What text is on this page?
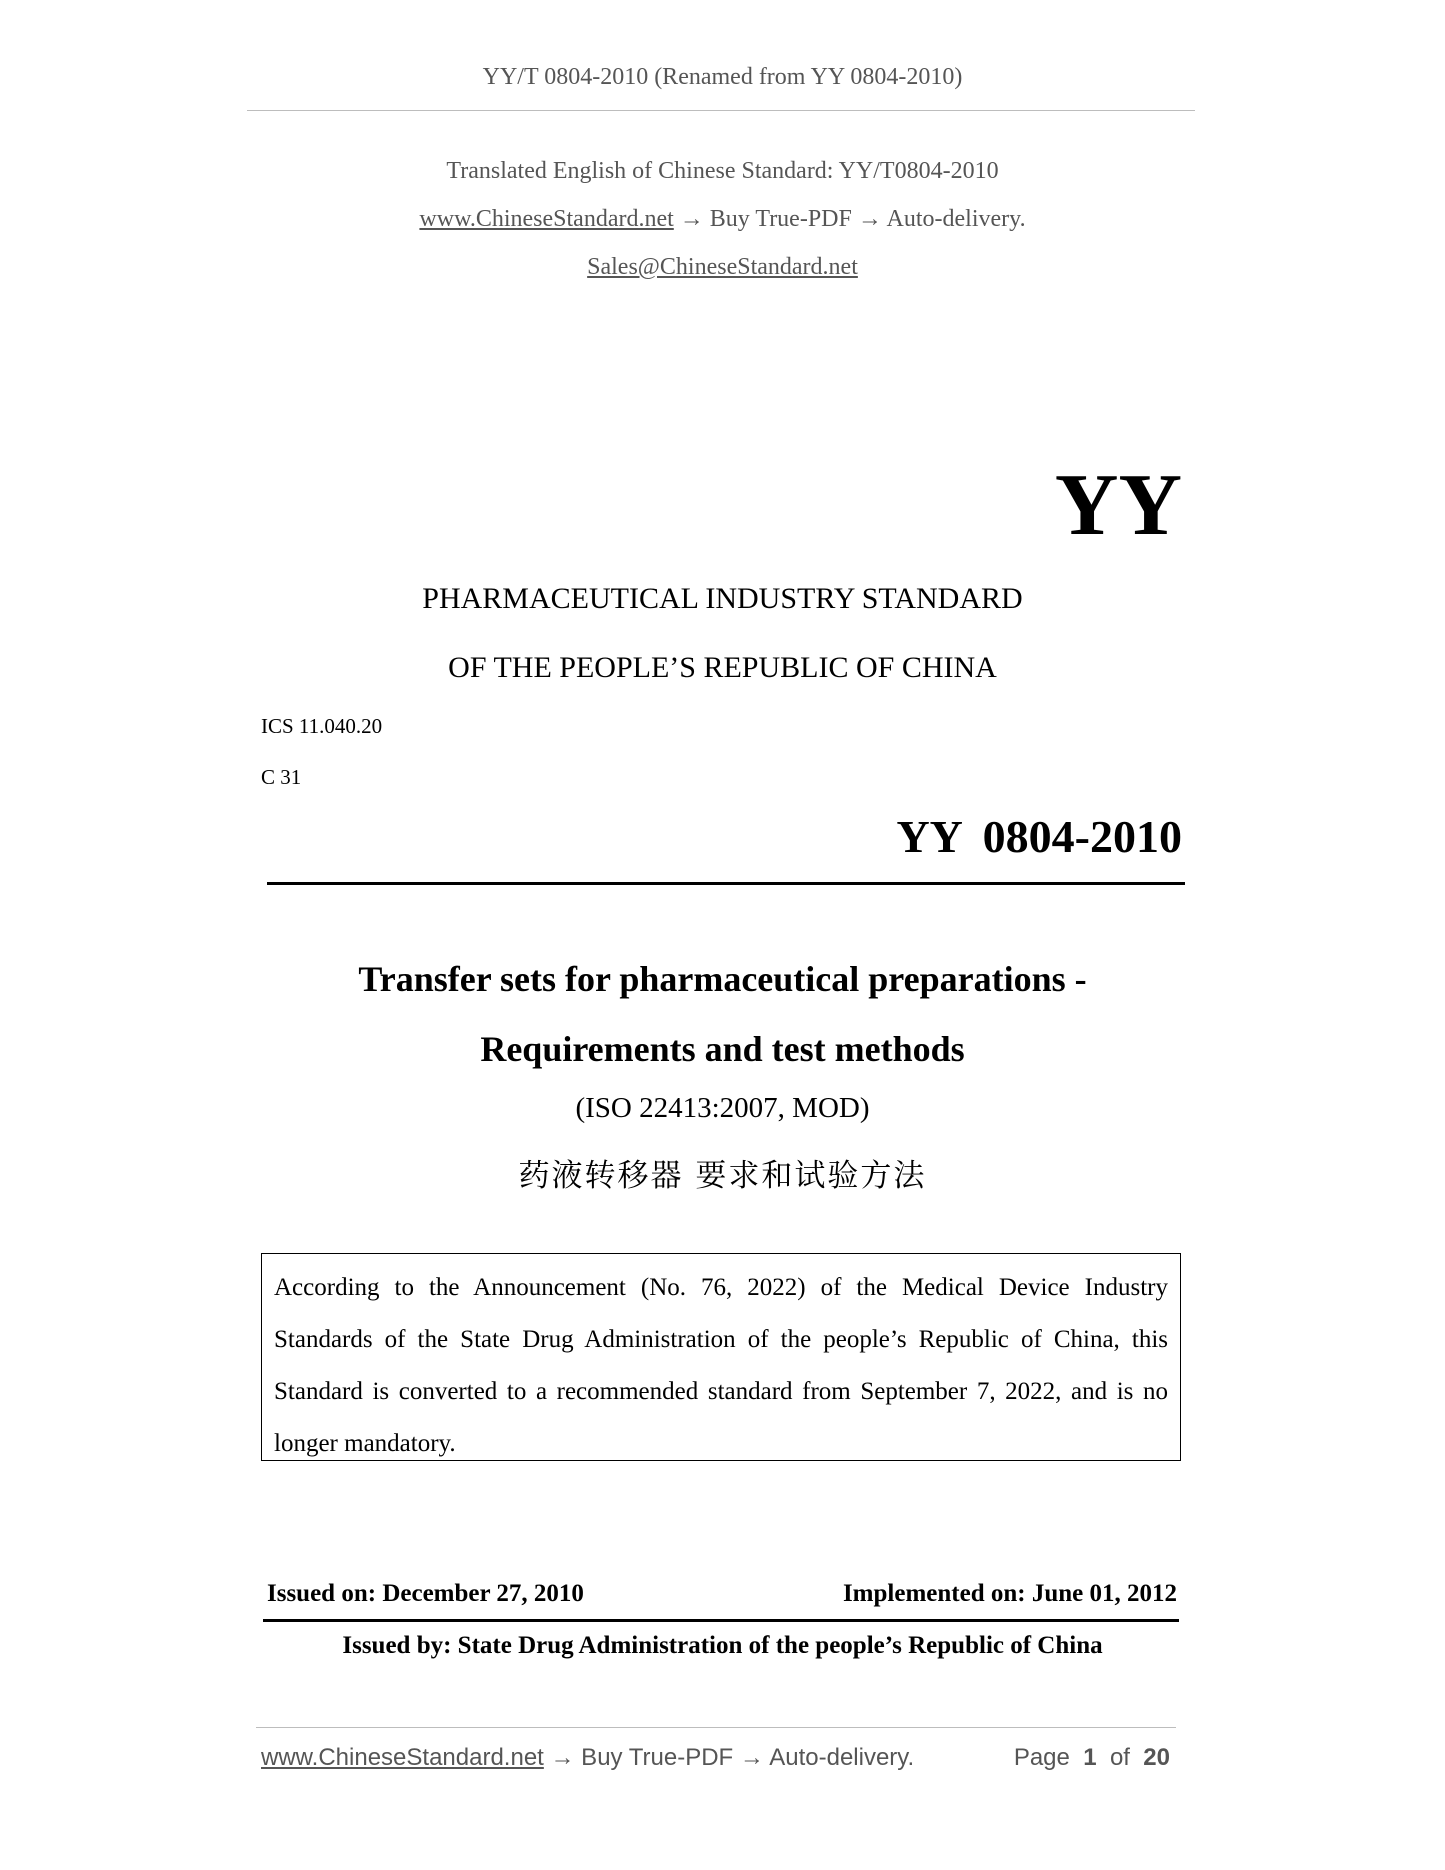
YY/T 0804-2010 (Renamed from YY 0804-2010)
Translated English of Chinese Standard: YY/T0804-2010
www.ChineseStandard.net → Buy True-PDF → Auto-delivery.
Sales@ChineseStandard.net
YY
PHARMACEUTICAL INDUSTRY STANDARD
OF THE PEOPLE’S REPUBLIC OF CHINA
ICS 11.040.20
C 31
YY 0804-2010
Transfer sets for pharmaceutical preparations -
Requirements and test methods
(ISO 22413:2007, MOD)
药液转移器 要求和试验方法
According to the Announcement (No. 76, 2022) of the Medical Device Industry Standards of the State Drug Administration of the people’s Republic of China, this Standard is converted to a recommended standard from September 7, 2022, and is no longer mandatory.
Issued on: December 27, 2010	Implemented on: June 01, 2012
Issued by: State Drug Administration of the people’s Republic of China
www.ChineseStandard.net → Buy True-PDF → Auto-delivery.	Page 1 of 20
